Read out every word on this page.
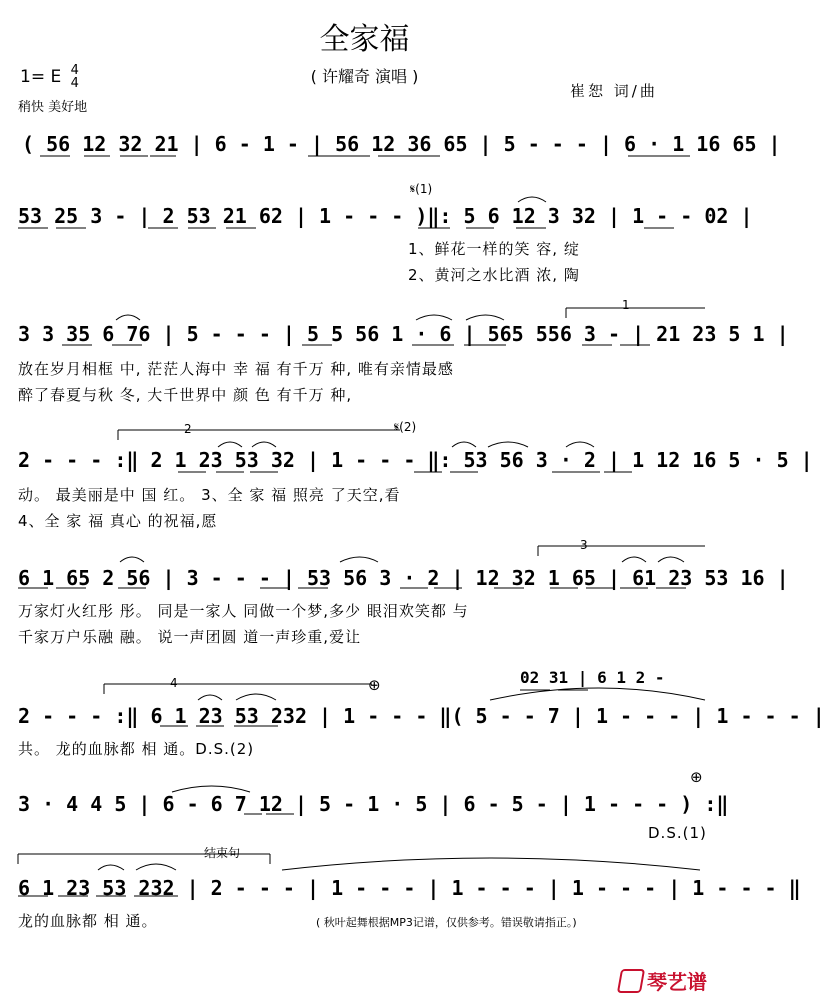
全家福
( 许耀奇 演唱 )
1= E 4
4
稍快 美好地
崔恕 词/曲
( 56 12 32 21 | 6 - 1 - | 56 12 36 65 | 5 - - - | 6 · 1 16 65 |
𝄋(1)
53 25 3 - | 2 53 21 62 | 1 - - - )‖: 5 6 12 3 32 | 1 - - 02 |
1、鲜花一样的笑 容, 绽
2、黄河之水比酒 浓, 陶
1
3 3 35 6 76 | 5 - - - | 5 5 56 1 · 6 | 565 556 3 - | 21 23 5 1 |
放在岁月相框 中, 茫茫人海中 幸 福 有千万 种, 唯有亲情最感
醉了春夏与秋 冬, 大千世界中 颜 色 有千万 种,
2	𝄋(2)
2 - - - :‖ 2 1 23 53 32 | 1 - - - ‖: 53 56 3 · 2 | 1 12 16 5 · 5 |
动。 最美丽是中 国 红。 3、全 家 福 照亮 了天空,看
4、全 家 福 真心 的祝福,愿
3
6 1 65 2 56 | 3 - - - | 53 56 3 · 2 | 12 32 1 65 | 61 23 53 16 |
万家灯火红彤 彤。 同是一家人 同做一个梦,多少 眼泪欢笑都 与
千家万户乐融 融。 说一声团圆 道一声珍重,爱让
4	⊕	02 31 | 6 1 2 -
2 - - - :‖ 6 1 23 53 232 | 1 - - - ‖( 5 - - 7 | 1 - - - | 1 - - - |
共。 龙的血脉都 相 通。D.S.(2)
⊕
3 · 4 4 5 | 6 - 6 7 12 | 5 - 1 · 5 | 6 - 5 - | 1 - - - ) :‖
D.S.(1)
结束句
6 1 23 53 232 | 2 - - - | 1 - - - | 1 - - - | 1 - - - | 1 - - - ‖
龙的血脉都 相 通。	( 秋叶起舞根据MP3记谱，仅供参考。错误敬请指正。)
琴艺谱
